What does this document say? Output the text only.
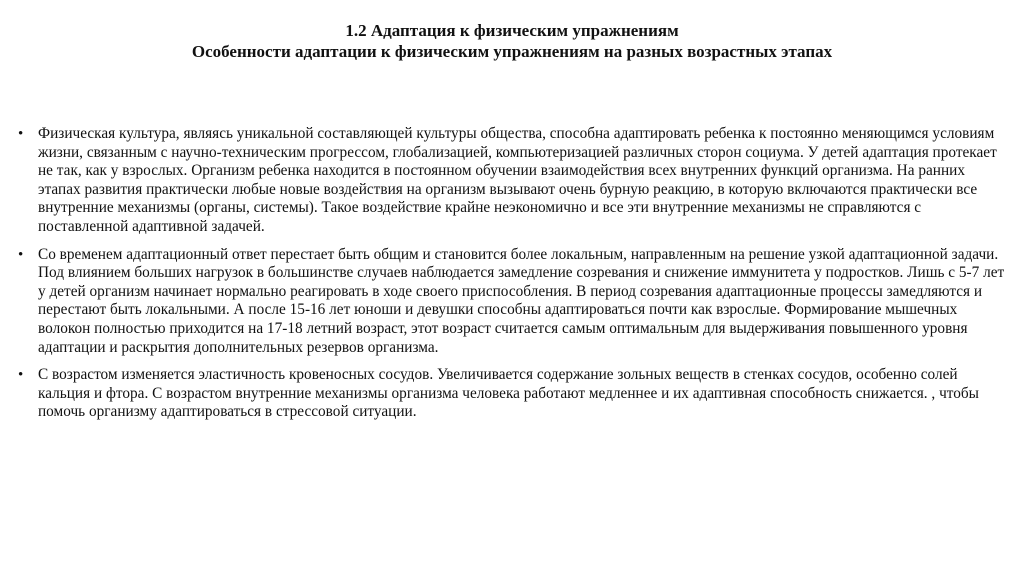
1.2 Адаптация к физическим упражнениям
Особенности адаптации к физическим упражнениям на разных возрастных этапах
• Физическая культура, являясь уникальной составляющей культуры общества, способна адаптировать ребенка к постоянно меняющимся условиям жизни, связанным с научно-техническим прогрессом, глобализацией, компьютеризацией различных сторон социума. У детей адаптация протекает не так, как у взрослых. Организм ребенка находится в постоянном обучении взаимодействия всех внутренних функций организма. На ранних этапах развития практически любые новые воздействия на организм вызывают очень бурную реакцию, в которую включаются практически все внутренние механизмы (органы, системы). Такое воздействие крайне неэкономично и все эти внутренние механизмы не справляются с поставленной адаптивной задачей.
• Со временем адаптационный ответ перестает быть общим и становится более локальным, направленным на решение узкой адаптационной задачи. Под влиянием больших нагрузок в большинстве случаев наблюдается замедление созревания и снижение иммунитета у подростков. Лишь с 5-7 лет у детей организм начинает нормально реагировать в ходе своего приспособления. В период созревания адаптационные процессы замедляются и перестают быть локальными. А после 15-16 лет юноши и девушки способны адаптироваться почти как взрослые. Формирование мышечных волокон полностью приходится на 17-18 летний возраст, этот возраст считается самым оптимальным для выдерживания повышенного уровня адаптации и раскрытия дополнительных резервов организма.
• С возрастом изменяется эластичность кровеносных сосудов. Увеличивается содержание зольных веществ в стенках сосудов, особенно солей кальция и фтора. С возрастом внутренние механизмы организма человека работают медленнее и их адаптивная способность снижается. , чтобы помочь организму адаптироваться в стрессовой ситуации.
